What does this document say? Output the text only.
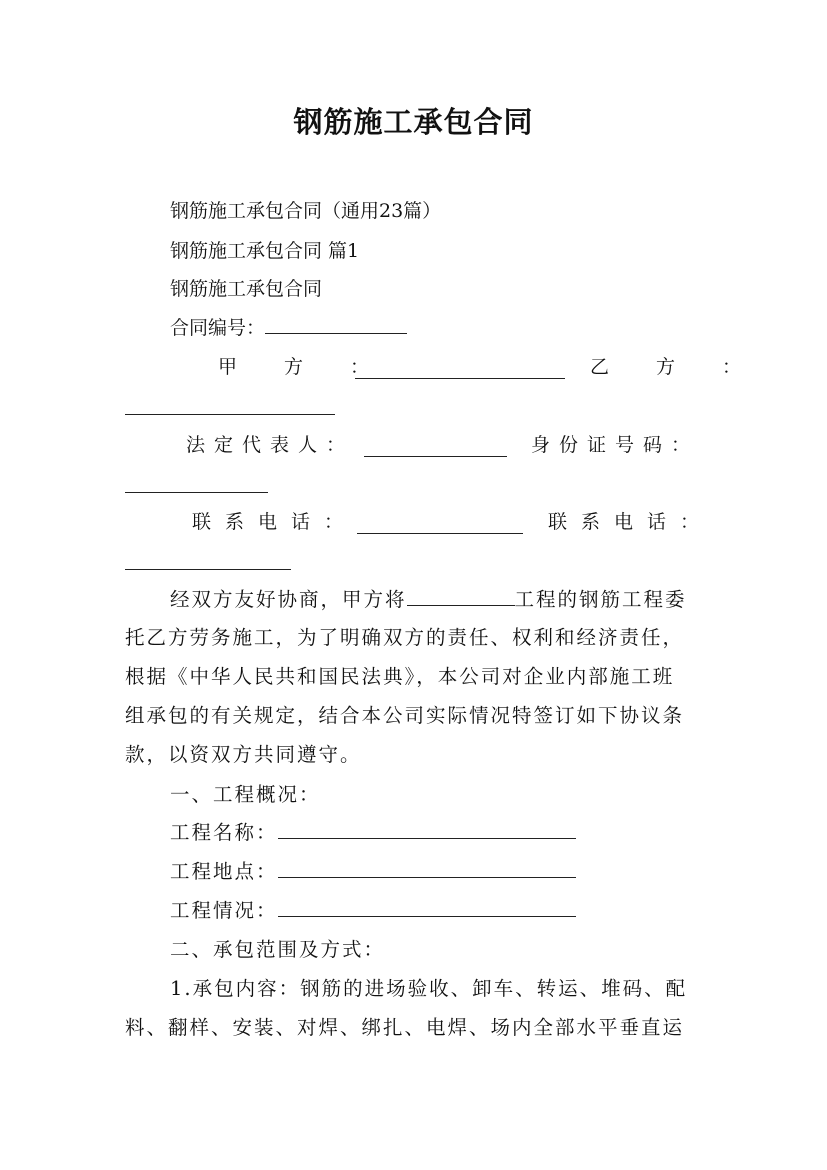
钢筋施工承包合同
钢筋施工承包合同（通用23篇）
钢筋施工承包合同 篇1
钢筋施工承包合同
合同编号：
甲　方　：	乙　方　：
法定代表人：	身份证号码：
联系电话：	联系电话：
经双方友好协商，甲方将	工程的钢筋工程委
托乙方劳务施工，为了明确双方的责任、权利和经济责任，
根据《中华人民共和国民法典》，本公司对企业内部施工班
组承包的有关规定，结合本公司实际情况特签订如下协议条
款，以资双方共同遵守。
一、工程概况：
工程名称：
工程地点：
工程情况：
二、承包范围及方式：
1.承包内容：钢筋的进场验收、卸车、转运、堆码、配
料、翻样、安装、对焊、绑扎、电焊、场内全部水平垂直运
